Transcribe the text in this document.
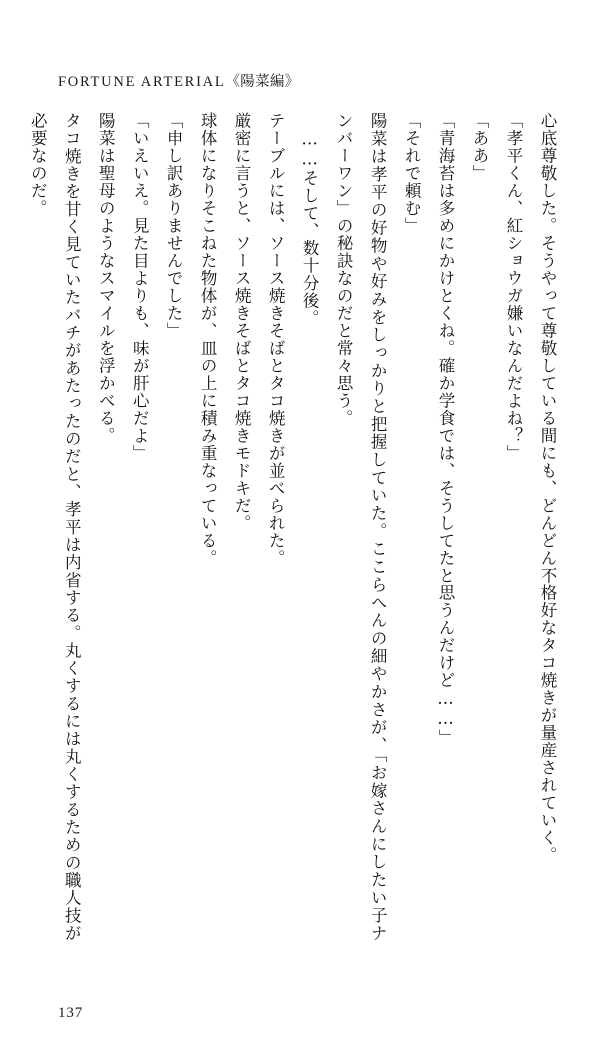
FORTUNE ARTERIAL《陽菜編》

心底尊敬した。そうやって尊敬している間にも、どんどん不格好なタコ焼きが量産されていく。

「孝平くん、紅ショウガ嫌いなんだよね？」

「ああ」

「青海苔は多めにかけとくね。確か学食では、そうしてたと思うんだけど……」

「それで頼む」

陽菜は孝平の好物や好みをしっかりと把握していた。ここらへんの細やかさが、「お嫁さんにしたい子ナンバーワン」の秘訣なのだと常々思う。

　……そして、数十分後。

テーブルには、ソース焼きそばとタコ焼きが並べられた。

厳密に言うと、ソース焼きそばとタコ焼きモドキだ。

球体になりそこねた物体が、皿の上に積み重なっている。

「申し訳ありませんでした」

「いえいえ。見た目よりも、味が肝心だよ」

陽菜は聖母のようなスマイルを浮かべる。

タコ焼きを甘く見ていたバチがあたったのだと、孝平は内省する。丸くするには丸くするための職人技が必要なのだ。

137
